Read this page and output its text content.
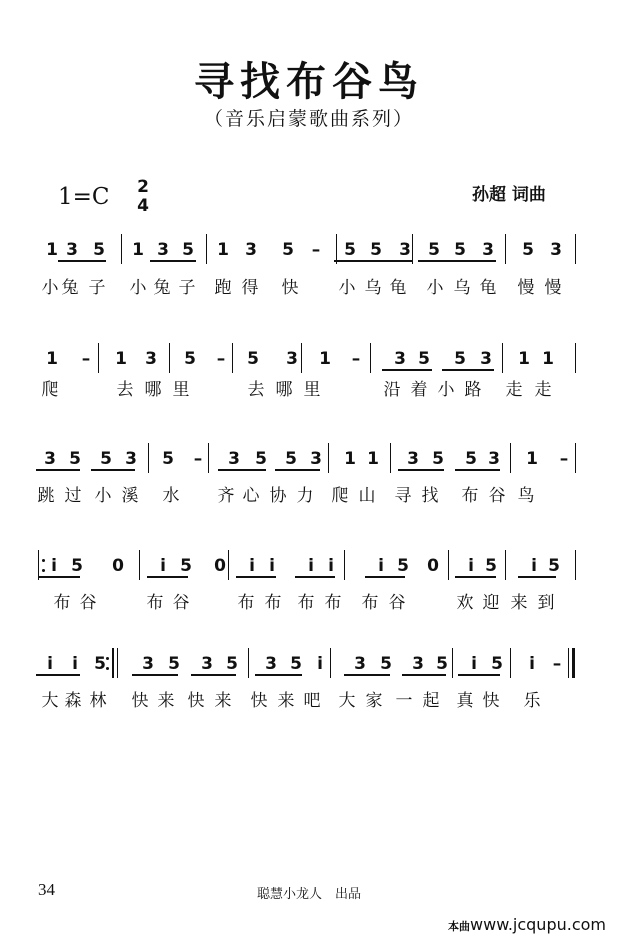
寻找布谷鸟
（音乐启蒙歌曲系列）
1=C 2
4
孙超 词曲
1 3 5 1 3 5 1 3 5 – 5 5 3 5 5 3 5 3
小 兔 子 小 兔 子 跑 得 快 小 乌 龟 小 乌 龟 慢 慢
1 – 1 3 5 – 5 3 1 – 3 5 5 3 1 1
爬	去 哪 里	去 哪 里	沿 着 小 路 走 走
3 5 5 3 5 – 3 5 5 3 1 1 3 5 5 3 1 –
跳 过 小 溪 水 齐 心 协 力 爬 山 寻 找 布 谷 鸟
i 5 0 i 5 0 i i i i	i 5 0 i 5 i 5
布 谷	布 谷	布 布 布 布 布 谷	欢 迎 来 到
i i 5 3 5 3 5 3 5 i 3 5 3 5 i 5 i –
大 森 林 快 来 快 来 快 来 吧 大 家 一 起 真 快 乐
34	聪慧小龙人　出品
本曲www.jcqupu.com
